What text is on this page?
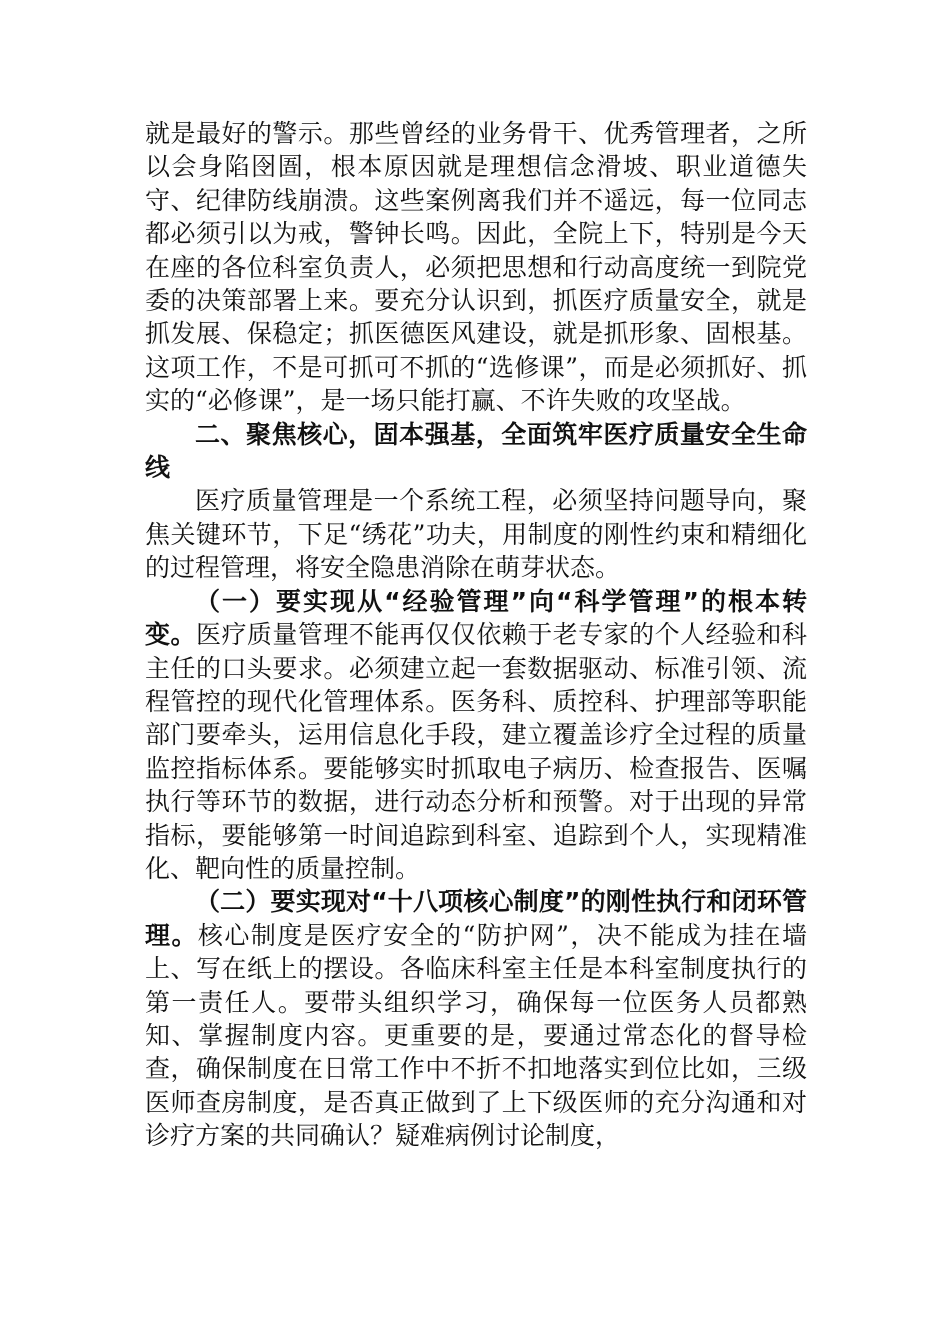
就是最好的警示。那些曾经的业务骨干、优秀管理者，之所以会身陷囹圄，根本原因就是理想信念滑坡、职业道德失守、纪律防线崩溃。这些案例离我们并不遥远，每一位同志都必须引以为戒，警钟长鸣。因此，全院上下，特别是今天在座的各位科室负责人，必须把思想和行动高度统一到院党委的决策部署上来。要充分认识到，抓医疗质量安全，就是抓发展、保稳定；抓医德医风建设，就是抓形象、固根基。这项工作，不是可抓可不抓的“选修课”，而是必须抓好、抓实的“必修课”，是一场只能打赢、不许失败的攻坚战。

二、聚焦核心，固本强基，全面筑牢医疗质量安全生命线

医疗质量管理是一个系统工程，必须坚持问题导向，聚焦关键环节，下足“绣花”功夫，用制度的刚性约束和精细化的过程管理，将安全隐患消除在萌芽状态。

（一）要实现从“经验管理”向“科学管理”的根本转变。医疗质量管理不能再仅仅依赖于老专家的个人经验和科主任的口头要求。必须建立起一套数据驱动、标准引领、流程管控的现代化管理体系。医务科、质控科、护理部等职能部门要牵头，运用信息化手段，建立覆盖诊疗全过程的质量监控指标体系。要能够实时抓取电子病历、检查报告、医嘱执行等环节的数据，进行动态分析和预警。对于出现的异常指标，要能够第一时间追踪到科室、追踪到个人，实现精准化、靶向性的质量控制。

（二）要实现对“十八项核心制度”的刚性执行和闭环管理。核心制度是医疗安全的“防护网”，决不能成为挂在墙上、写在纸上的摆设。各临床科室主任是本科室制度执行的第一责任人。要带头组织学习，确保每一位医务人员都熟知、掌握制度内容。更重要的是，要通过常态化的督导检查，确保制度在日常工作中不折不扣地落实到位比如，三级医师查房制度，是否真正做到了上下级医师的充分沟通和对诊疗方案的共同确认？疑难病例讨论制度，
